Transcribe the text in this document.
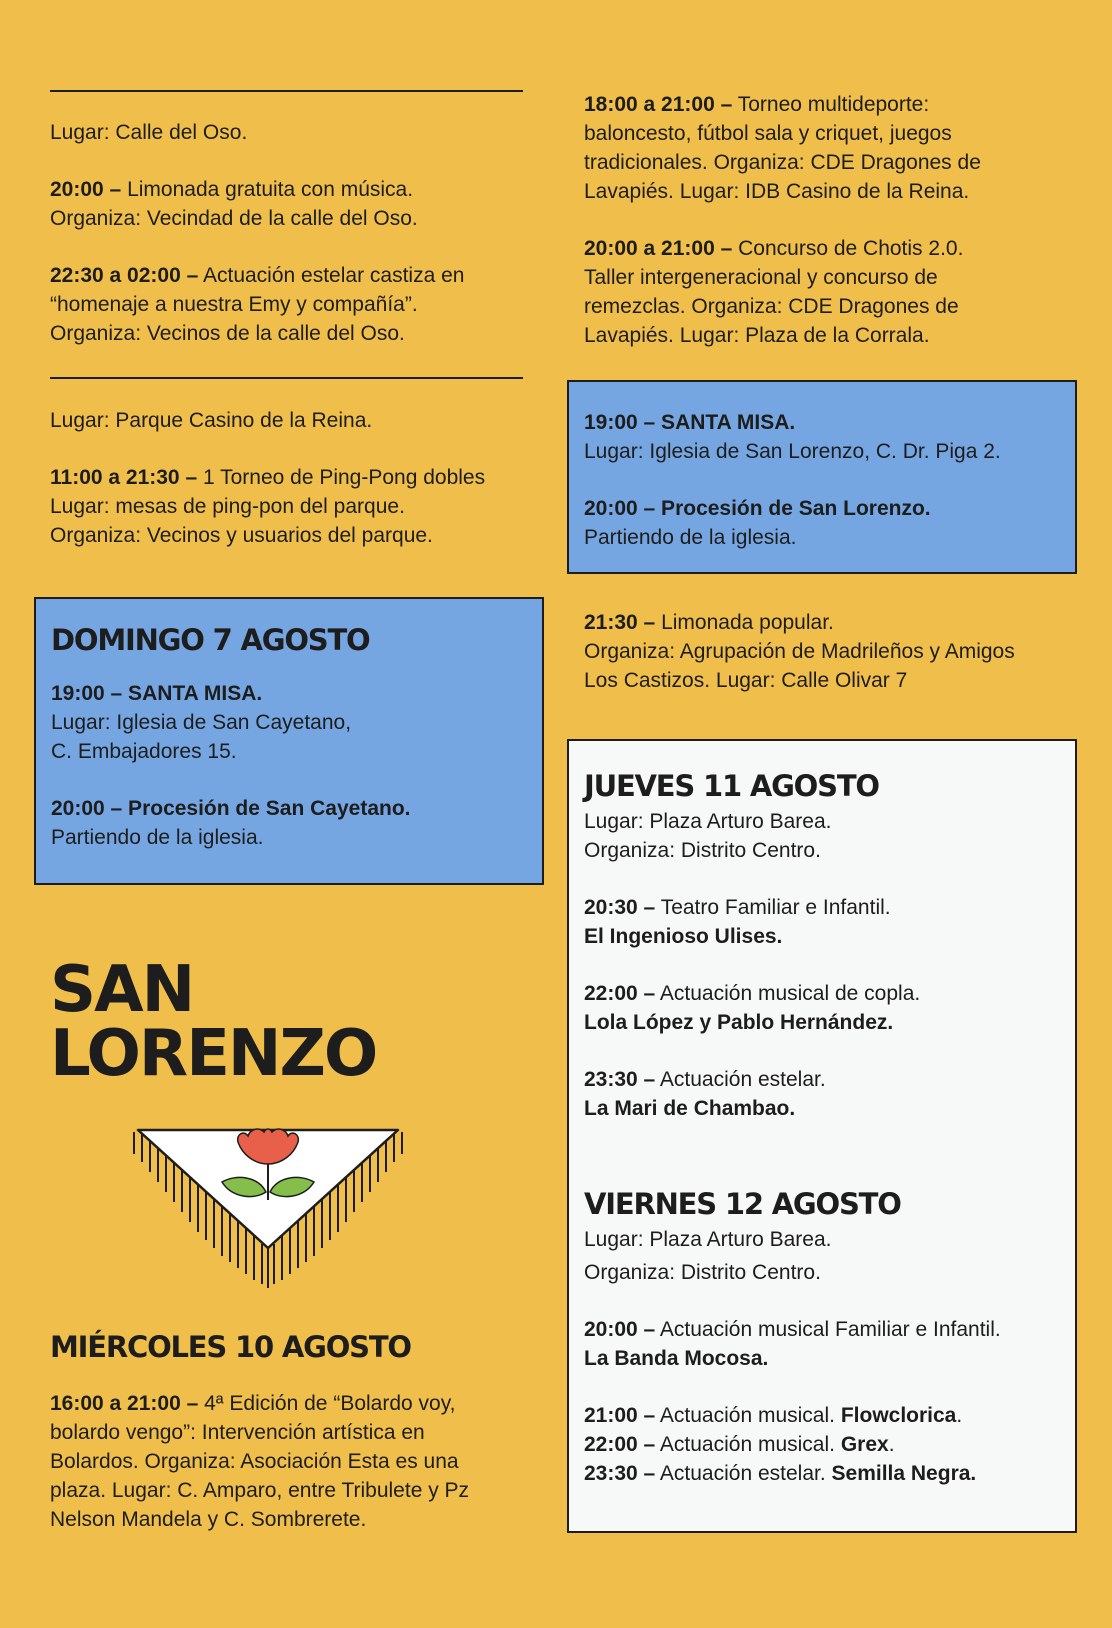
Lugar: Calle del Oso.

20:00 – Limonada gratuita con música.

Organiza: Vecindad de la calle del Oso.

22:30 a 02:00 – Actuación estelar castiza en

“homenaje a nuestra Emy y compañía”.

Organiza: Vecinos de la calle del Oso.

Lugar: Parque Casino de la Reina.

11:00 a 21:30 – 1 Torneo de Ping-Pong dobles

Lugar: mesas de ping-pon del parque.

Organiza: Vecinos y usuarios del parque.

DOMINGO 7 AGOSTO

19:00 – SANTA MISA.

Lugar: Iglesia de San Cayetano,

C. Embajadores 15.

20:00 – Procesión de San Cayetano.

Partiendo de la iglesia.

SAN
LORENZO
MIÉRCOLES 10 AGOSTO

16:00 a 21:00 – 4ª Edición de “Bolardo voy,

bolardo vengo”: Intervención artística en

Bolardos. Organiza: Asociación Esta es una

plaza. Lugar: C. Amparo, entre Tribulete y Pz

Nelson Mandela y C. Sombrerete.

18:00 a 21:00 – Torneo multideporte:

baloncesto, fútbol sala y criquet, juegos

tradicionales. Organiza: CDE Dragones de

Lavapiés. Lugar: IDB Casino de la Reina.

20:00 a 21:00 – Concurso de Chotis 2.0.

Taller intergeneracional y concurso de

remezclas. Organiza: CDE Dragones de

Lavapiés. Lugar: Plaza de la Corrala.

19:00 – SANTA MISA.

Lugar: Iglesia de San Lorenzo, C. Dr. Piga 2.

20:00 – Procesión de San Lorenzo.

Partiendo de la iglesia.

21:30 – Limonada popular.

Organiza: Agrupación de Madrileños y Amigos

Los Castizos. Lugar: Calle Olivar 7

JUEVES 11 AGOSTO

Lugar: Plaza Arturo Barea.

Organiza: Distrito Centro.

20:30 – Teatro Familiar e Infantil.

El Ingenioso Ulises.

22:00 – Actuación musical de copla.

Lola López y Pablo Hernández.

23:30 – Actuación estelar.

La Mari de Chambao.

VIERNES 12 AGOSTO

Lugar: Plaza Arturo Barea.

Organiza: Distrito Centro.

20:00 – Actuación musical Familiar e Infantil.

La Banda Mocosa.

21:00 – Actuación musical. Flowclorica.

22:00 – Actuación musical. Grex.

23:30 – Actuación estelar. Semilla Negra.
